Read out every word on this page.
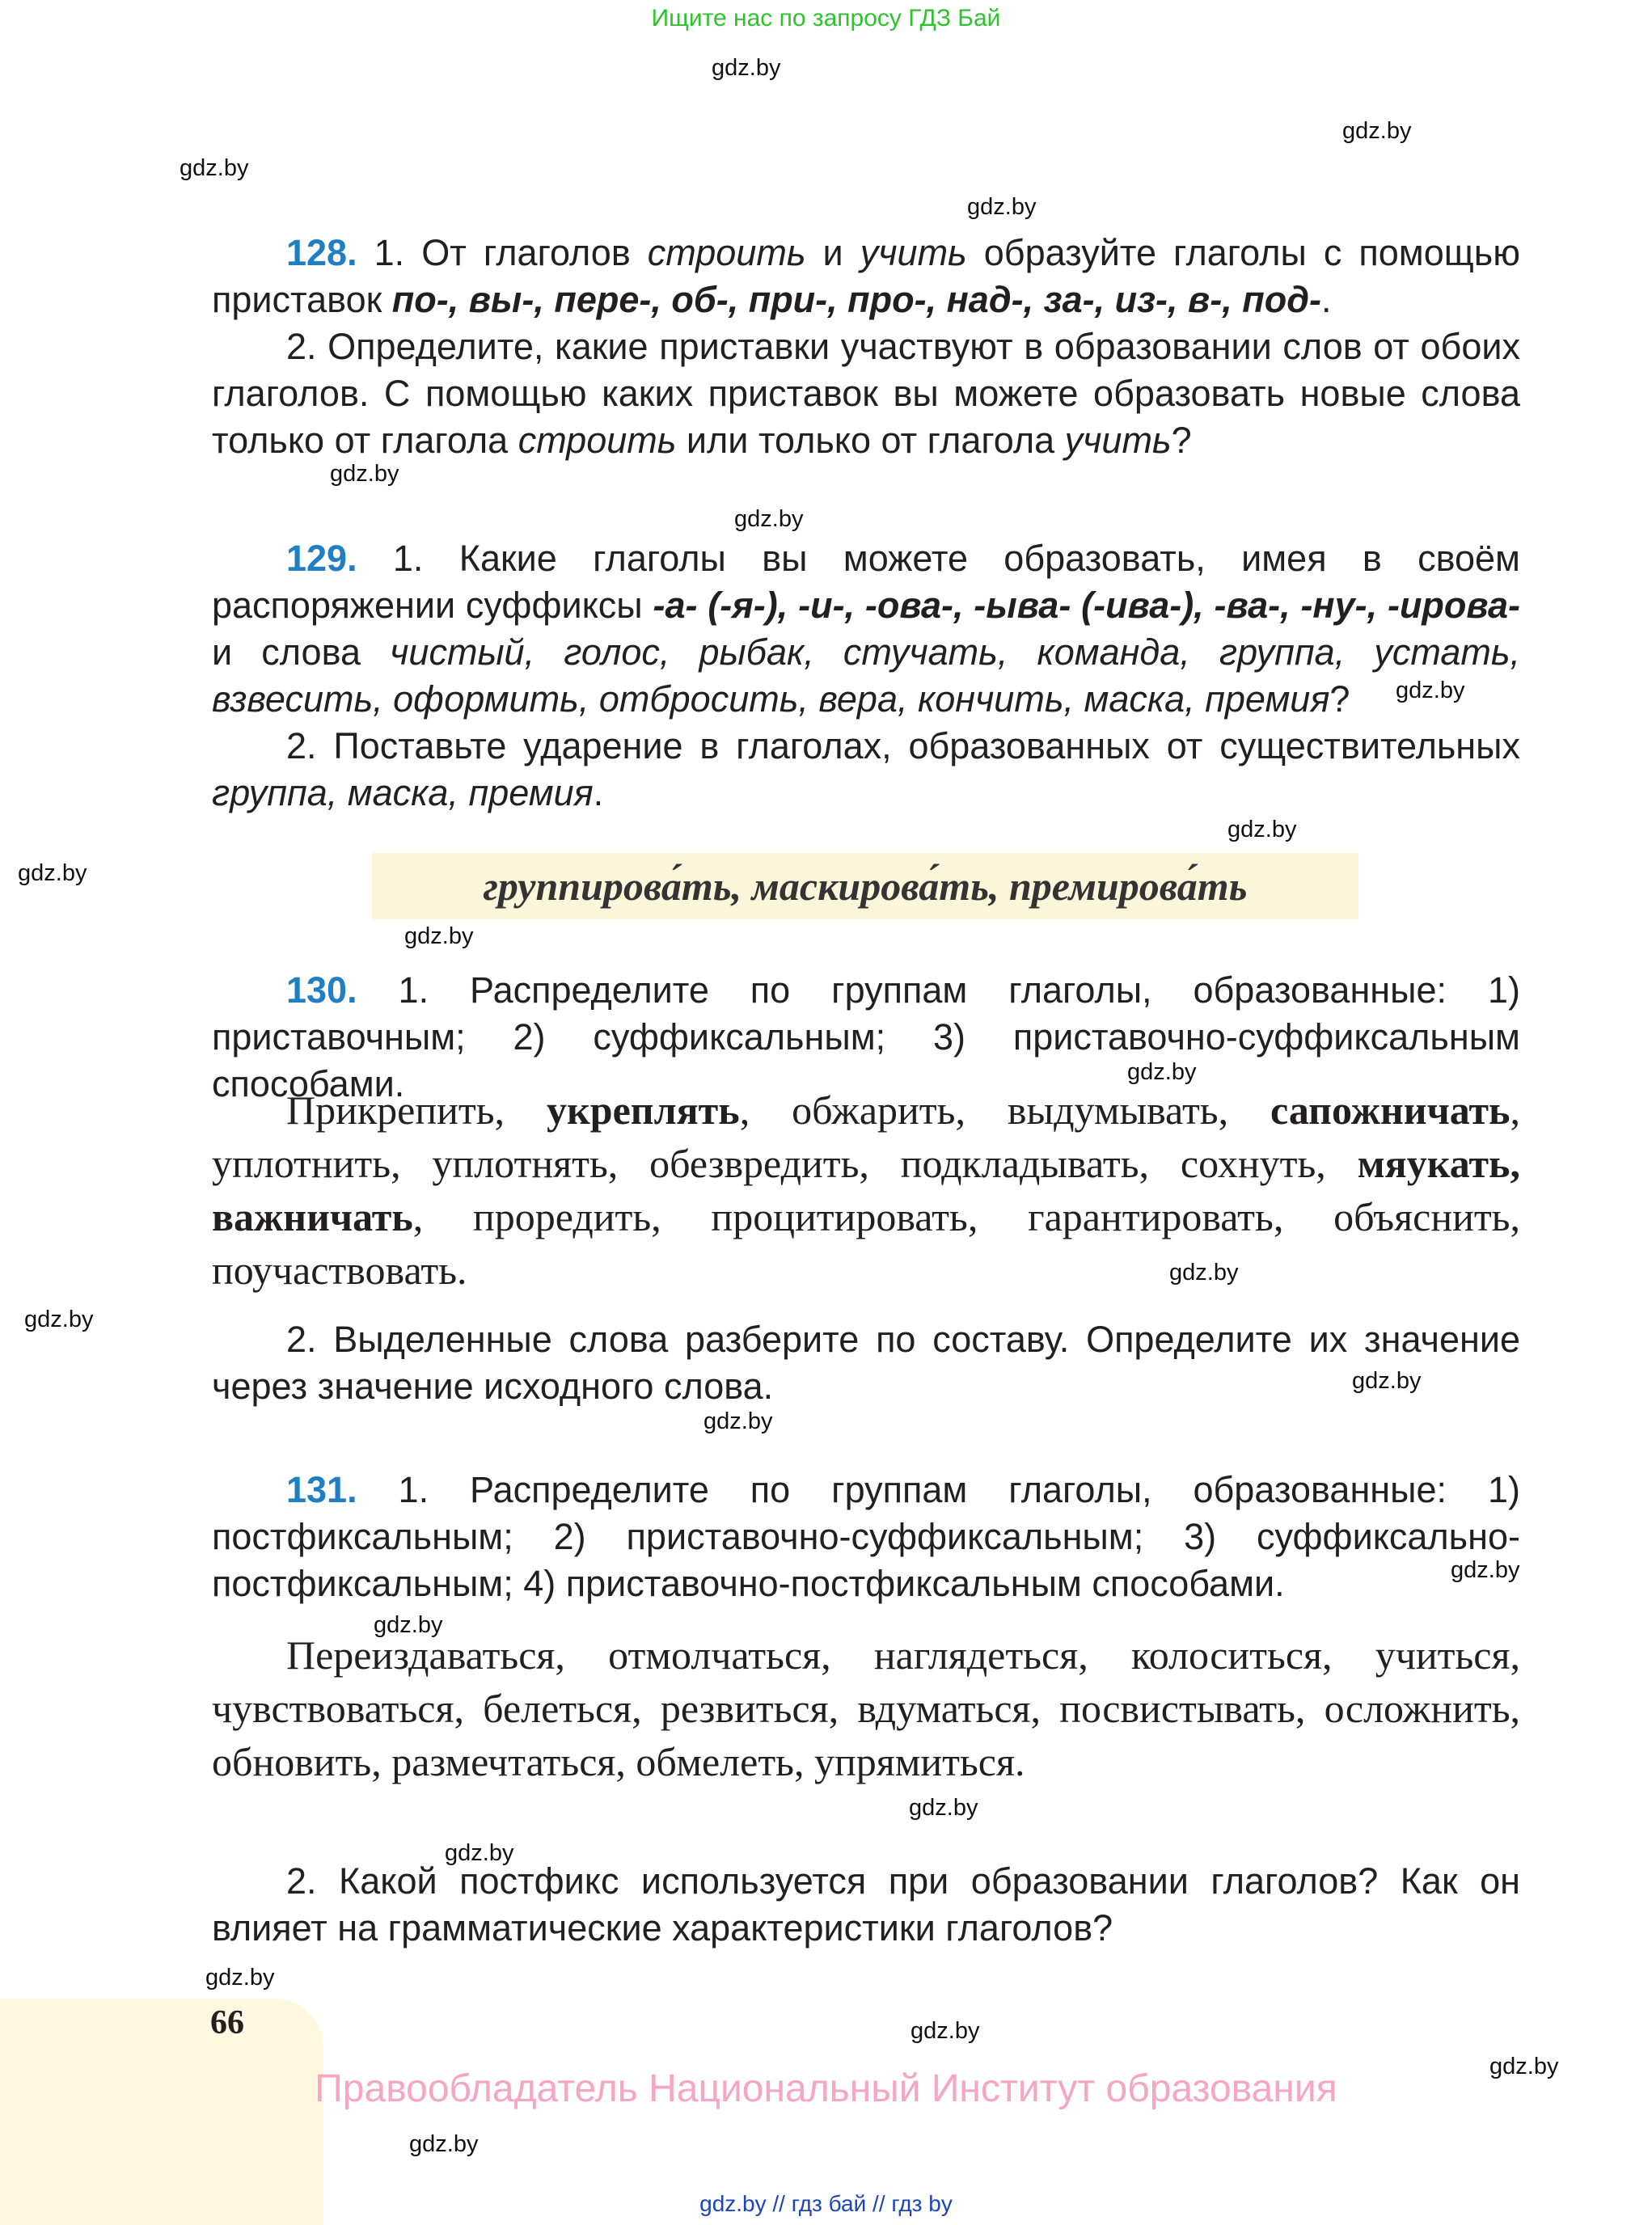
Ищите нас по запросу ГДЗ Бай
gdz.by
gdz.by
gdz.by
gdz.by
gdz.by
gdz.by
gdz.by
gdz.by
gdz.by
gdz.by
gdz.by
gdz.by
gdz.by
gdz.by
gdz.by
gdz.by
gdz.by
gdz.by
gdz.by
gdz.by
gdz.by
gdz.by
gdz.by

128. 1. От глаголов строить и учить образуйте глаголы с помощью приставок по-, вы-, пере-, об-, при-, про-, над-, за-, из-, в-, под-.

2. Определите, какие приставки участвуют в образовании слов от обоих глаголов. С помощью каких приставок вы можете образовать новые слова только от глагола строить или только от глагола учить?

129. 1. Какие глаголы вы можете образовать, имея в своём распоряжении суффиксы -а- (-я-), -и-, -ова-, -ыва- (-ива-), -ва-, -ну-, -ирова- и слова чистый, голос, рыбак, стучать, команда, группа, устать, взвесить, оформить, отбросить, вера, кончить, маска, премия?

2. Поставьте ударение в глаголах, образованных от существительных группа, маска, премия.

группирова́ть, маскирова́ть, премирова́ть

130. 1. Распределите по группам глаголы, образованные: 1) приставочным; 2) суффиксальным; 3) приставочно-суффиксальным способами.

Прикрепить, укреплять, обжарить, выдумывать, сапожничать, уплотнить, уплотнять, обезвредить, подкладывать, сохнуть, мяукать, важничать, проредить, процитировать, гарантировать, объяснить, поучаствовать.

2. Выделенные слова разберите по составу. Определите их значение через значение исходного слова.

131. 1. Распределите по группам глаголы, образованные: 1) постфиксальным; 2) приставочно-суффиксальным; 3) суффиксально-постфиксальным; 4) приставочно-постфиксальным способами.

Переиздаваться, отмолчаться, наглядеться, колоситься, учиться, чувствоваться, белеться, резвиться, вдуматься, посвистывать, осложнить, обновить, размечтаться, обмелеть, упрямиться.

2. Какой постфикс используется при образовании глаголов? Как он влияет на грамматические характеристики глаголов?

66
Правообладатель Национальный Институт образования
gdz.by // гдз бай // гдз by
